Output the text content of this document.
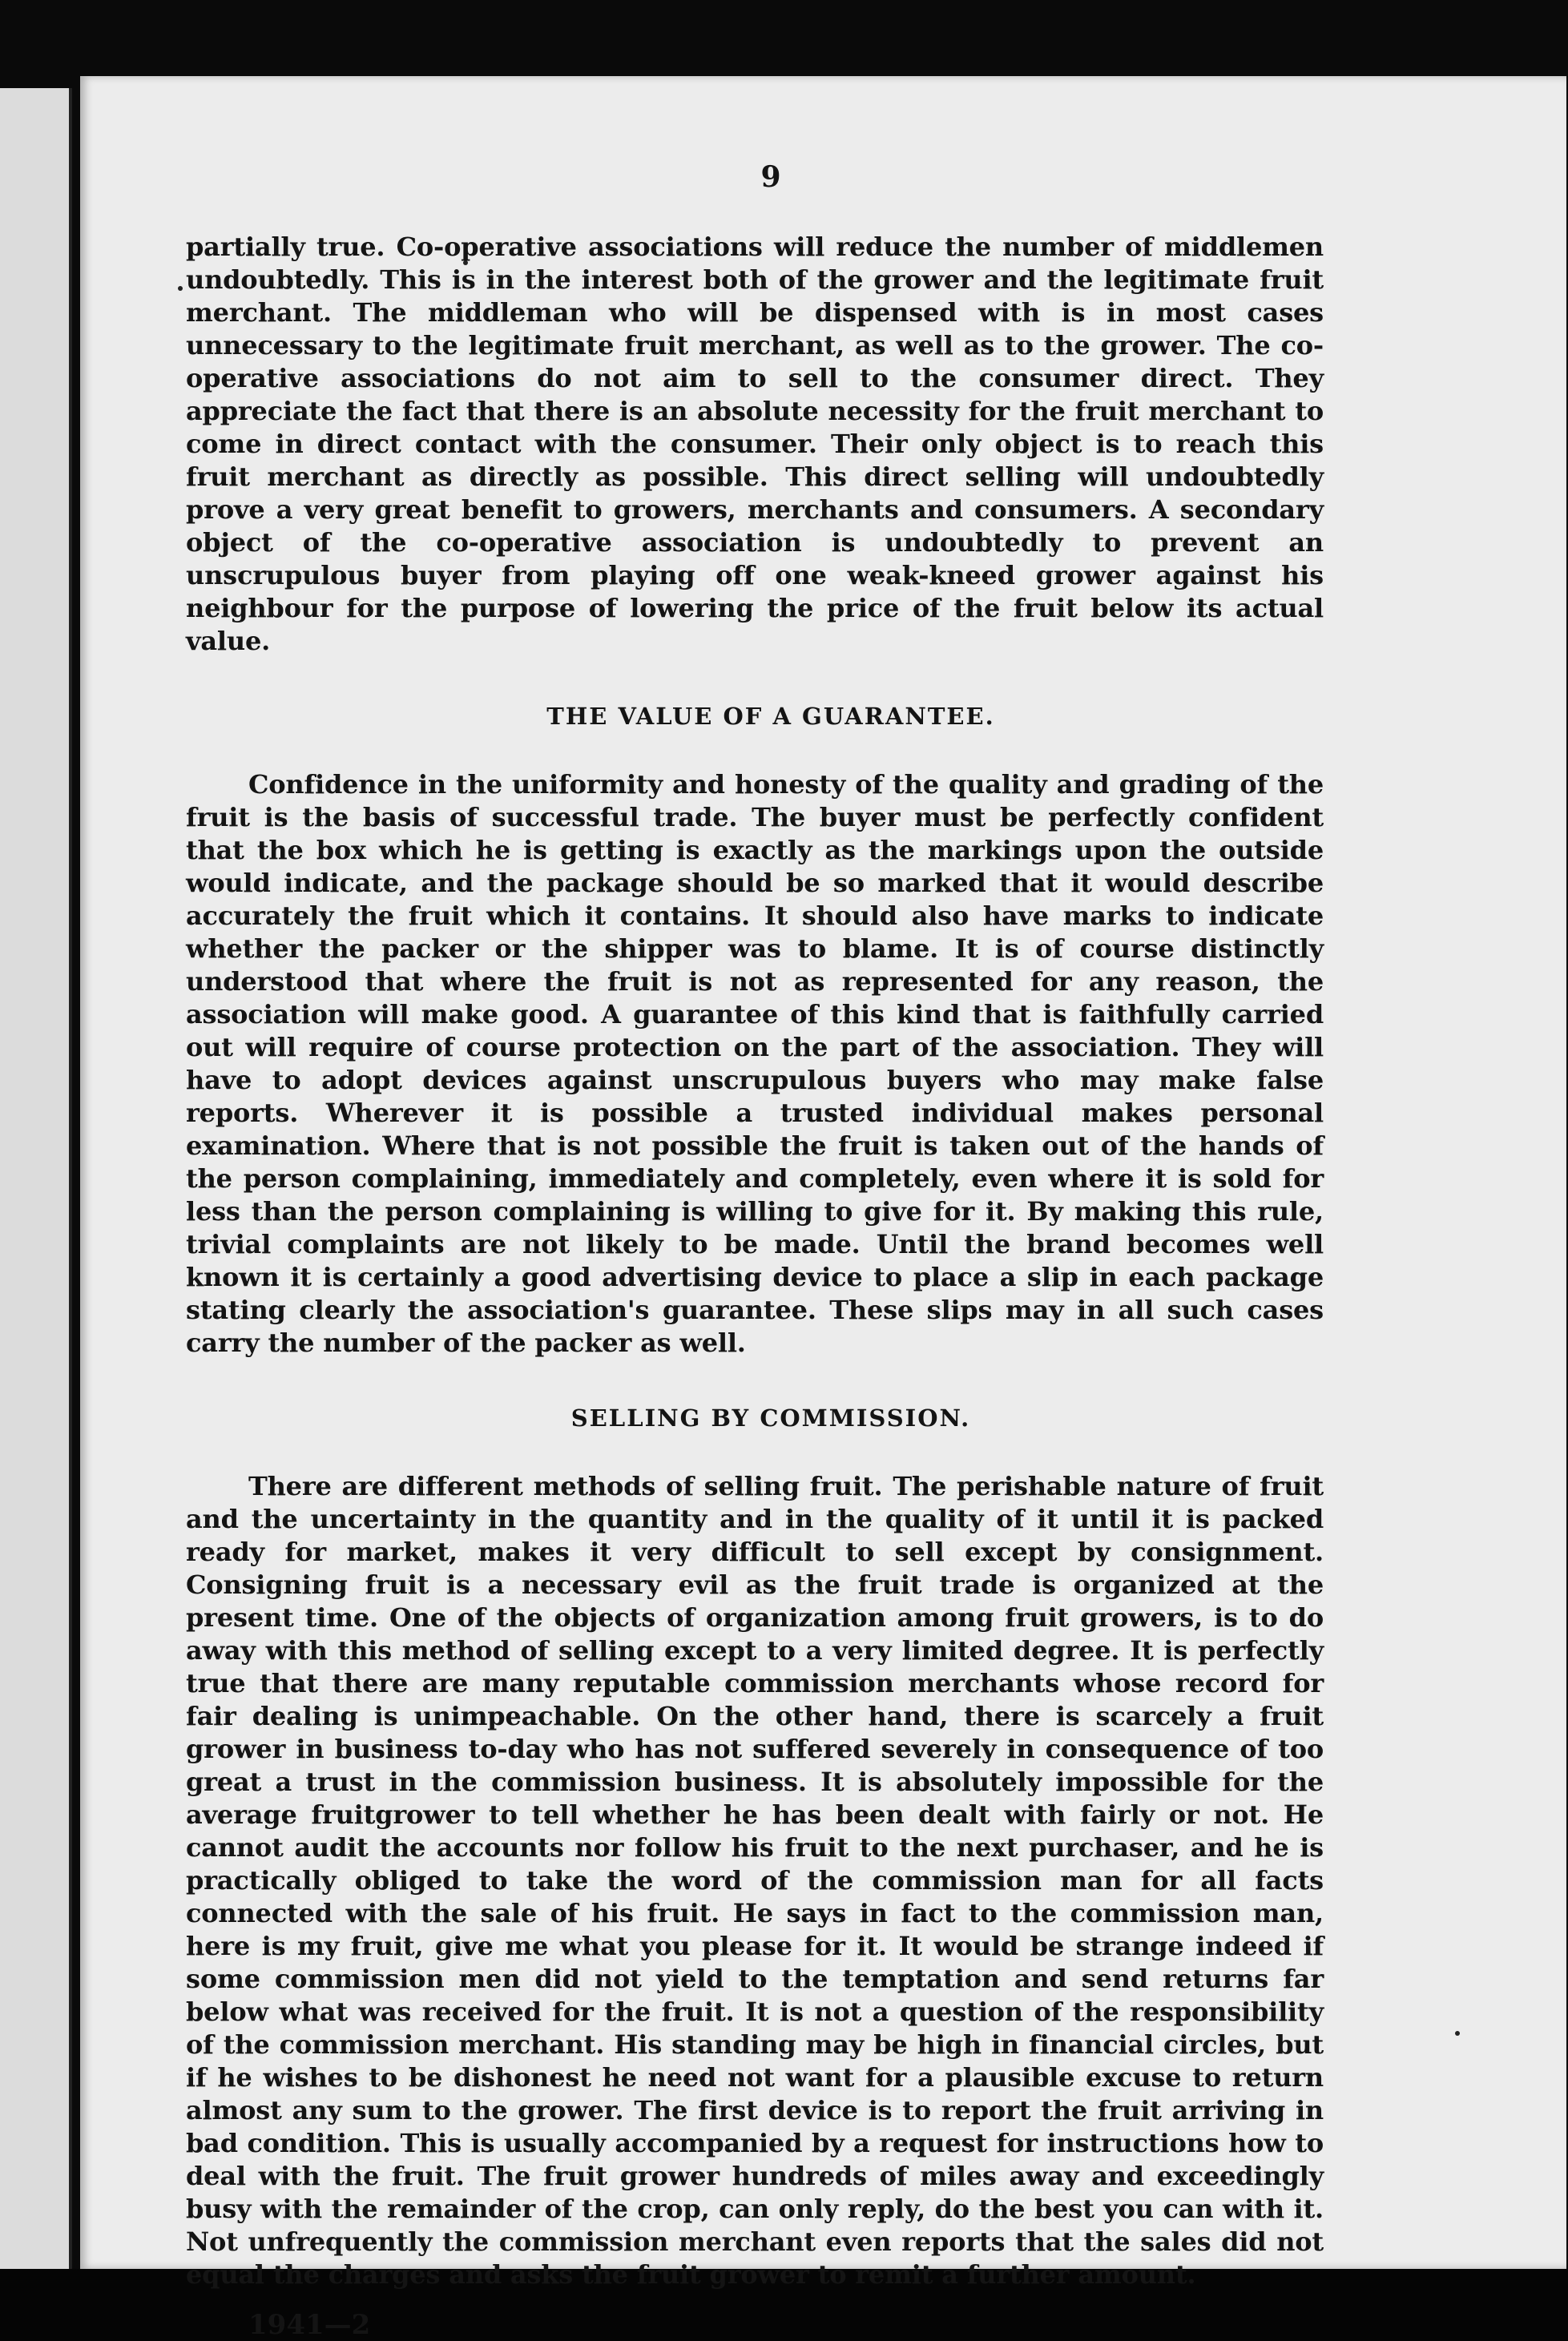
9

partially true. Co-operative associations will reduce the number of middlemen undoubtedly. This is in the interest both of the grower and the legitimate fruit merchant. The middleman who will be dispensed with is in most cases unnecessary to the legitimate fruit merchant, as well as to the grower. The co-operative associations do not aim to sell to the consumer direct. They appreciate the fact that there is an absolute necessity for the fruit merchant to come in direct contact with the consumer. Their only object is to reach this fruit merchant as directly as possible. This direct selling will undoubtedly prove a very great benefit to growers, merchants and consumers. A secondary object of the co-operative association is undoubtedly to prevent an unscrupulous buyer from playing off one weak-kneed grower against his neighbour for the purpose of lowering the price of the fruit below its actual value.

THE VALUE OF A GUARANTEE.

Confidence in the uniformity and honesty of the quality and grading of the fruit is the basis of successful trade. The buyer must be perfectly confident that the box which he is getting is exactly as the markings upon the outside would indicate, and the package should be so marked that it would describe accurately the fruit which it contains. It should also have marks to indicate whether the packer or the shipper was to blame. It is of course distinctly understood that where the fruit is not as represented for any reason, the association will make good. A guarantee of this kind that is faithfully carried out will require of course protection on the part of the association. They will have to adopt devices against unscrupulous buyers who may make false reports. Wherever it is possible a trusted individual makes personal examination. Where that is not possible the fruit is taken out of the hands of the person complaining, immediately and completely, even where it is sold for less than the person complaining is willing to give for it. By making this rule, trivial complaints are not likely to be made. Until the brand becomes well known it is certainly a good advertising device to place a slip in each package stating clearly the association's guarantee. These slips may in all such cases carry the number of the packer as well.

SELLING BY COMMISSION.

There are different methods of selling fruit. The perishable nature of fruit and the uncertainty in the quantity and in the quality of it until it is packed ready for market, makes it very difficult to sell except by consignment. Consigning fruit is a necessary evil as the fruit trade is organized at the present time. One of the objects of organization among fruit growers, is to do away with this method of selling except to a very limited degree. It is perfectly true that there are many reputable commission merchants whose record for fair dealing is unimpeachable. On the other hand, there is scarcely a fruit grower in business to-day who has not suffered severely in consequence of too great a trust in the commission business. It is absolutely impossible for the average fruitgrower to tell whether he has been dealt with fairly or not. He cannot audit the accounts nor follow his fruit to the next purchaser, and he is practically obliged to take the word of the commission man for all facts connected with the sale of his fruit. He says in fact to the commission man, here is my fruit, give me what you please for it. It would be strange indeed if some commission men did not yield to the temptation and send returns far below what was received for the fruit. It is not a question of the responsibility of the commission merchant. His standing may be high in financial circles, but if he wishes to be dishonest he need not want for a plausible excuse to return almost any sum to the grower. The first device is to report the fruit arriving in bad condition. This is usually accompanied by a request for instructions how to deal with the fruit. The fruit grower hundreds of miles away and exceedingly busy with the remainder of the crop, can only reply, do the best you can with it. Not unfrequently the commission merchant even reports that the sales did not equal the charges and asks the fruit grower to remit a further amount.

1941—2
